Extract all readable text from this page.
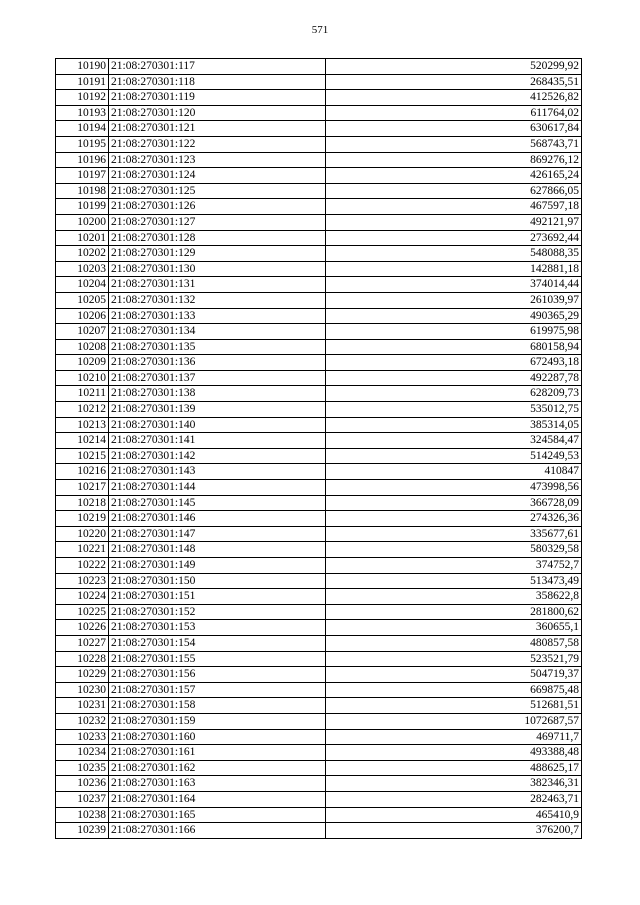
571
10190	21:08:270301:117	520299,92
10191	21:08:270301:118	268435,51
10192	21:08:270301:119	412526,82
10193	21:08:270301:120	611764,02
10194	21:08:270301:121	630617,84
10195	21:08:270301:122	568743,71
10196	21:08:270301:123	869276,12
10197	21:08:270301:124	426165,24
10198	21:08:270301:125	627866,05
10199	21:08:270301:126	467597,18
10200	21:08:270301:127	492121,97
10201	21:08:270301:128	273692,44
10202	21:08:270301:129	548088,35
10203	21:08:270301:130	142881,18
10204	21:08:270301:131	374014,44
10205	21:08:270301:132	261039,97
10206	21:08:270301:133	490365,29
10207	21:08:270301:134	619975,98
10208	21:08:270301:135	680158,94
10209	21:08:270301:136	672493,18
10210	21:08:270301:137	492287,78
10211	21:08:270301:138	628209,73
10212	21:08:270301:139	535012,75
10213	21:08:270301:140	385314,05
10214	21:08:270301:141	324584,47
10215	21:08:270301:142	514249,53
10216	21:08:270301:143	410847
10217	21:08:270301:144	473998,56
10218	21:08:270301:145	366728,09
10219	21:08:270301:146	274326,36
10220	21:08:270301:147	335677,61
10221	21:08:270301:148	580329,58
10222	21:08:270301:149	374752,7
10223	21:08:270301:150	513473,49
10224	21:08:270301:151	358622,8
10225	21:08:270301:152	281800,62
10226	21:08:270301:153	360655,1
10227	21:08:270301:154	480857,58
10228	21:08:270301:155	523521,79
10229	21:08:270301:156	504719,37
10230	21:08:270301:157	669875,48
10231	21:08:270301:158	512681,51
10232	21:08:270301:159	1072687,57
10233	21:08:270301:160	469711,7
10234	21:08:270301:161	493388,48
10235	21:08:270301:162	488625,17
10236	21:08:270301:163	382346,31
10237	21:08:270301:164	282463,71
10238	21:08:270301:165	465410,9
10239	21:08:270301:166	376200,7
